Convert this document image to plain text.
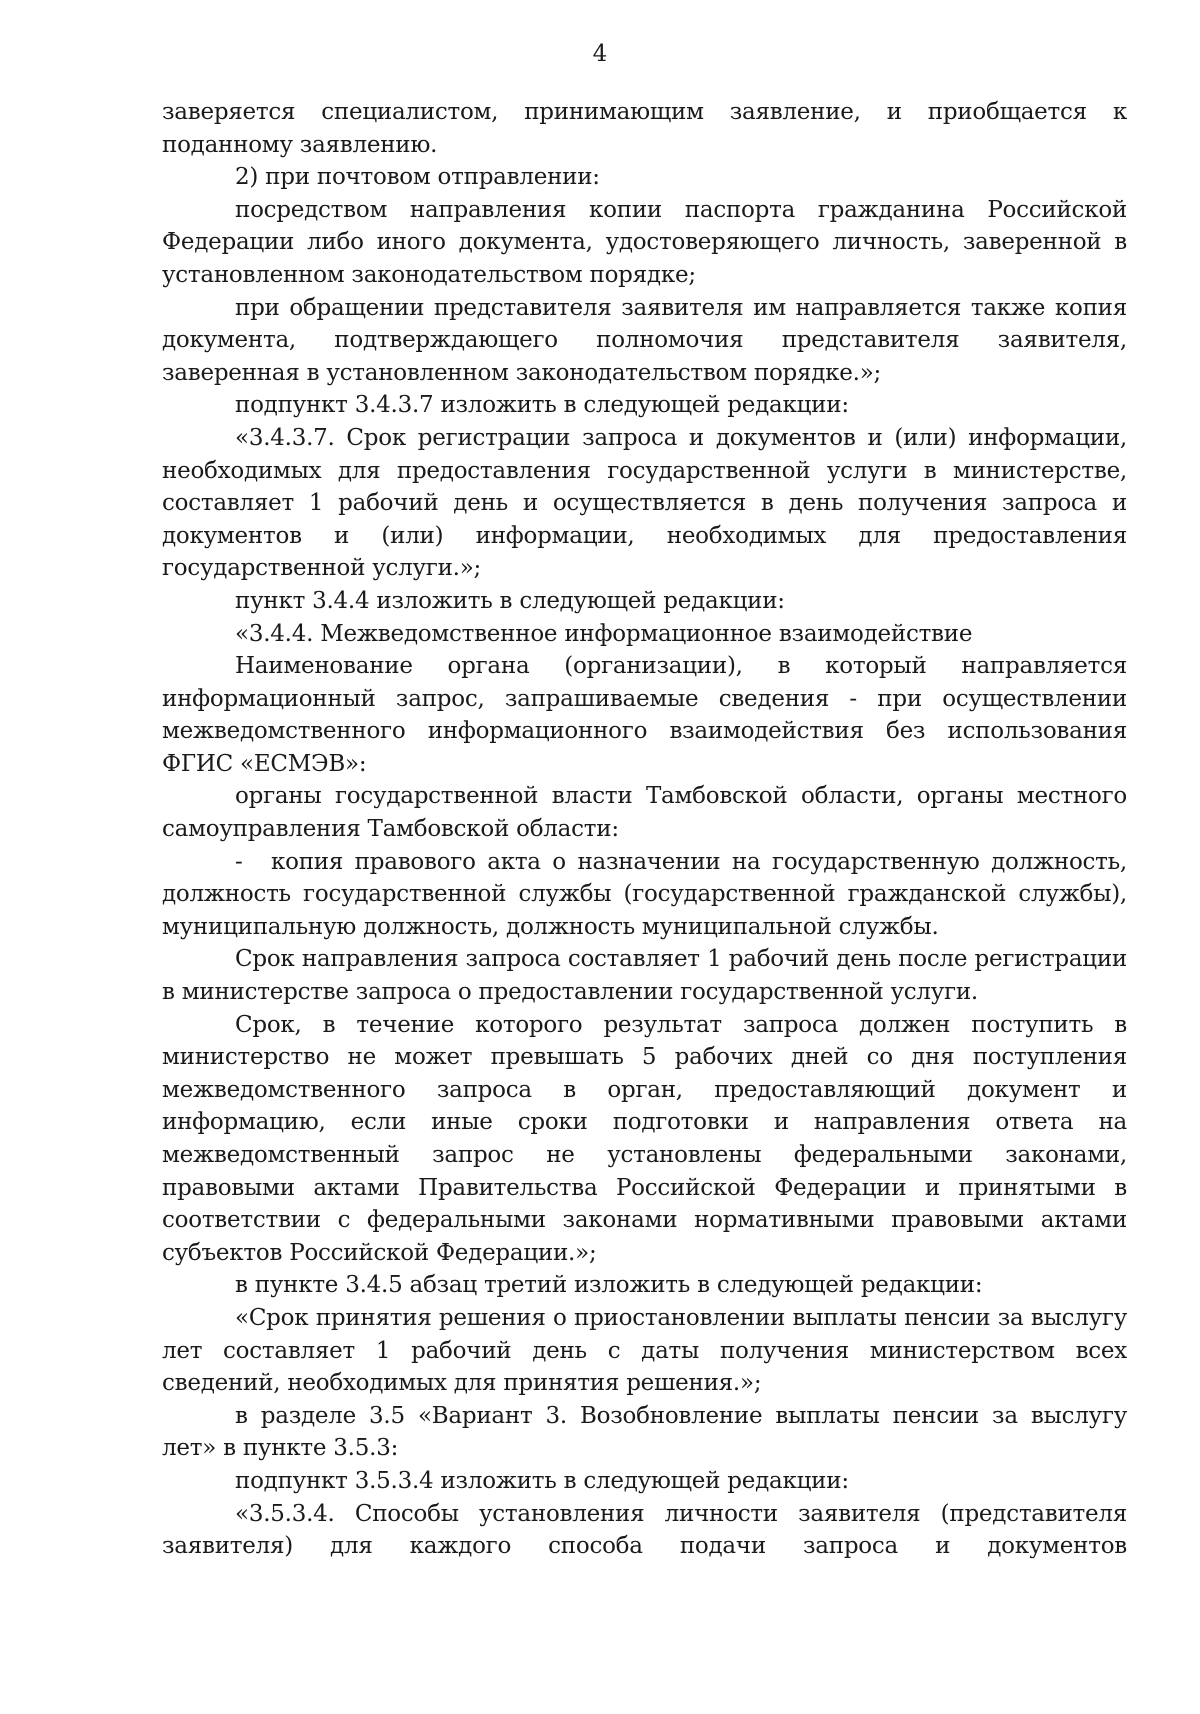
4

заверяется специалистом, принимающим заявление, и приобщается к поданному заявлению.

2) при почтовом отправлении:

посредством направления копии паспорта гражданина Российской Федерации либо иного документа, удостоверяющего личность, заверенной в установленном законодательством порядке;

при обращении представителя заявителя им направляется также копия документа, подтверждающего полномочия представителя заявителя, заверенная в установленном законодательством порядке.»;

подпункт 3.4.3.7 изложить в следующей редакции:

«3.4.3.7. Срок регистрации запроса и документов и (или) информации, необходимых для предоставления государственной услуги в министерстве, составляет 1 рабочий день и осуществляется в день получения запроса и документов и (или) информации, необходимых для предоставления государственной услуги.»;

пункт 3.4.4 изложить в следующей редакции:

«3.4.4. Межведомственное информационное взаимодействие

Наименование органа (организации), в который направляется информационный запрос, запрашиваемые сведения - при осуществлении межведомственного информационного взаимодействия без использования ФГИС «ЕСМЭВ»:

органы государственной власти Тамбовской области, органы местного самоуправления Тамбовской области:

- копия правового акта о назначении на государственную должность, должность государственной службы (государственной гражданской службы), муниципальную должность, должность муниципальной службы.

Срок направления запроса составляет 1 рабочий день после регистрации в министерстве запроса о предоставлении государственной услуги.

Срок, в течение которого результат запроса должен поступить в министерство не может превышать 5 рабочих дней со дня поступления межведомственного запроса в орган, предоставляющий документ и информацию, если иные сроки подготовки и направления ответа на межведомственный запрос не установлены федеральными законами, правовыми актами Правительства Российской Федерации и принятыми в соответствии с федеральными законами нормативными правовыми актами субъектов Российской Федерации.»;

в пункте 3.4.5 абзац третий изложить в следующей редакции:

«Срок принятия решения о приостановлении выплаты пенсии за выслугу лет составляет 1 рабочий день с даты получения министерством всех сведений, необходимых для принятия решения.»;

в разделе 3.5 «Вариант 3. Возобновление выплаты пенсии за выслугу лет» в пункте 3.5.3:

подпункт 3.5.3.4 изложить в следующей редакции:

«3.5.3.4. Способы установления личности заявителя (представителя заявителя) для каждого способа подачи запроса и документов
